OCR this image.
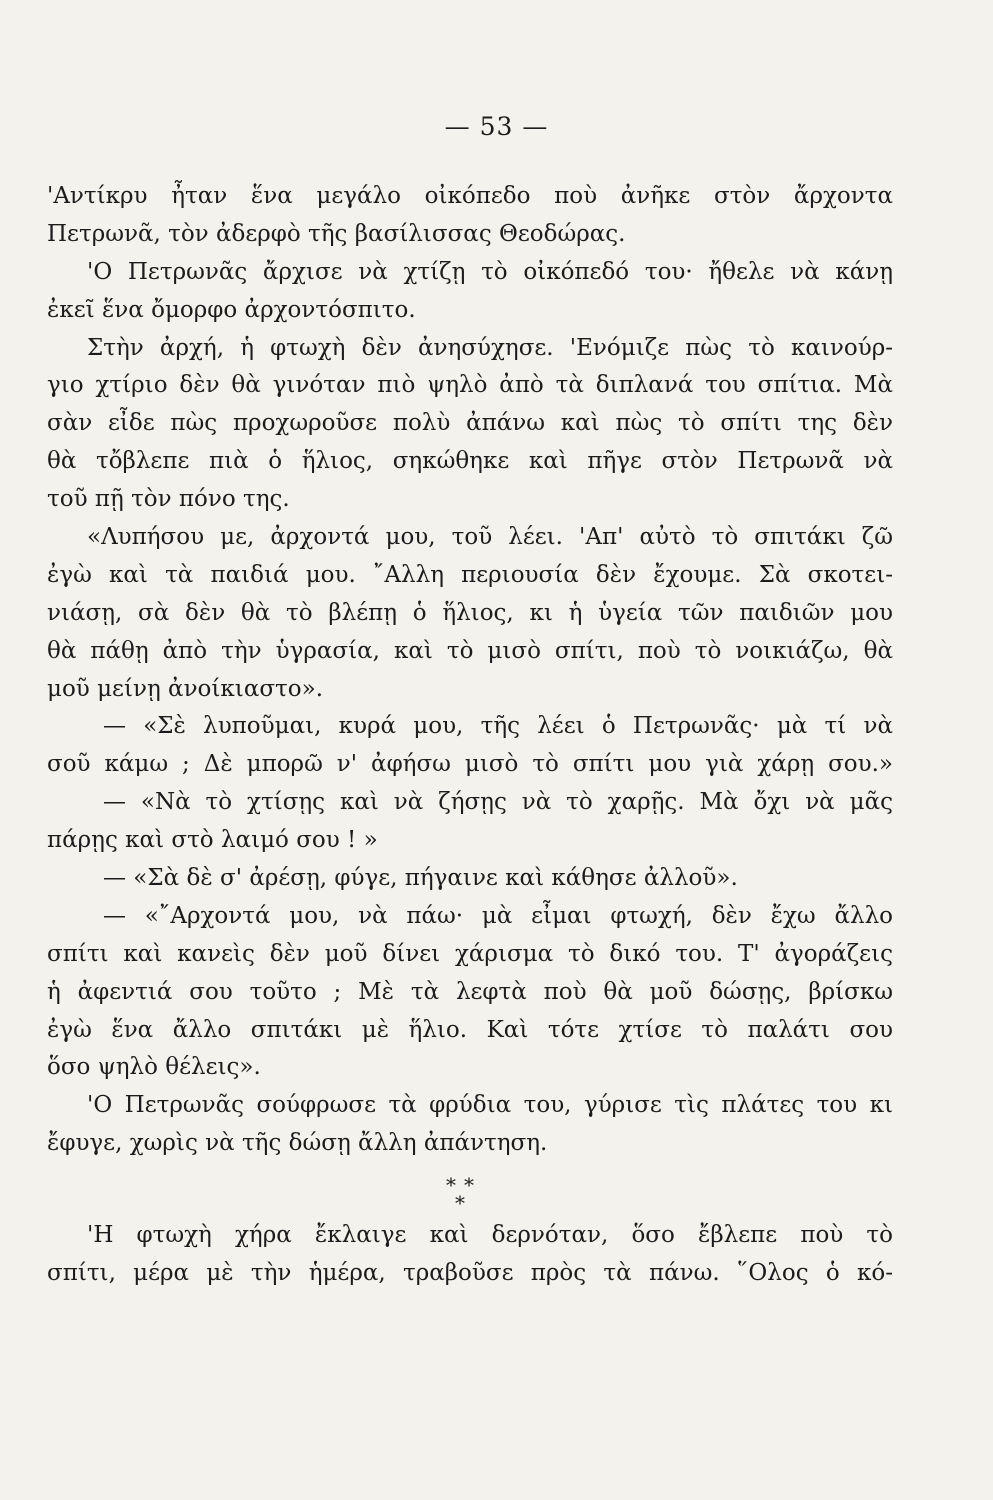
— 53 —
'Αντίκρυ ἦταν ἕνα μεγάλο οἰκόπεδο ποὺ ἀνῆκε στὸν ἄρχοντα
Πετρωνᾶ, τὸν ἀδερφὸ τῆς βασίλισσας Θεοδώρας.
'Ο Πετρωνᾶς ἄρχισε νὰ χτίζῃ τὸ οἰκόπεδό του· ἤθελε νὰ κάνῃ
ἐκεῖ ἕνα ὄμορφο ἀρχοντόσπιτο.
Στὴν ἀρχή, ἡ φτωχὴ δὲν ἀνησύχησε. 'Ενόμιζε πὼς τὸ καινούρ-
γιο χτίριο δὲν θὰ γινόταν πιὸ ψηλὸ ἀπὸ τὰ διπλανά του σπίτια. Μὰ
σὰν εἶδε πὼς προχωροῦσε πολὺ ἀπάνω καὶ πὼς τὸ σπίτι της δὲν
θὰ τὄβλεπε πιὰ ὁ ἥλιος, σηκώθηκε καὶ πῆγε στὸν Πετρωνᾶ νὰ
τοῦ πῇ τὸν πόνο της.
«Λυπήσου με, ἀρχοντά μου, τοῦ λέει. 'Απ' αὐτὸ τὸ σπιτάκι ζῶ
ἐγὼ καὶ τὰ παιδιά μου. ῎Αλλη περιουσία δὲν ἔχουμε. Σὰ σκοτει-
νιάσῃ, σὰ δὲν θὰ τὸ βλέπῃ ὁ ἥλιος, κι ἡ ὑγεία τῶν παιδιῶν μου
θὰ πάθῃ ἀπὸ τὴν ὑγρασία, καὶ τὸ μισὸ σπίτι, ποὺ τὸ νοικιάζω, θὰ
μοῦ μείνῃ ἀνοίκιαστο».
— «Σὲ λυποῦμαι, κυρά μου, τῆς λέει ὁ Πετρωνᾶς· μὰ τί νὰ
σοῦ κάμω ; Δὲ μπορῶ ν' ἀφήσω μισὸ τὸ σπίτι μου γιὰ χάρῃ σου.»
— «Νὰ τὸ χτίσῃς καὶ νὰ ζήσῃς νὰ τὸ χαρῇς. Μὰ ὄχι νὰ μᾶς
πάρῃς καὶ στὸ λαιμό σου ! »
— «Σὰ δὲ σ' ἀρέσῃ, φύγε, πήγαινε καὶ κάθησε ἀλλοῦ».
— «῎Αρχοντά μου, νὰ πάω· μὰ εἶμαι φτωχή, δὲν ἔχω ἄλλο
σπίτι καὶ κανεὶς δὲν μοῦ δίνει χάρισμα τὸ δικό του. Τ' ἀγοράζεις
ἡ ἀφεντιά σου τοῦτο ; Μὲ τὰ λεφτὰ ποὺ θὰ μοῦ δώσῃς, βρίσκω
ἐγὼ ἕνα ἄλλο σπιτάκι μὲ ἥλιο. Καὶ τότε χτίσε τὸ παλάτι σου
ὅσο ψηλὸ θέλεις».
'Ο Πετρωνᾶς σούφρωσε τὰ φρύδια του, γύρισε τὶς πλάτες του κι
ἔφυγε, χωρὶς νὰ τῆς δώσῃ ἄλλη ἀπάντηση.
* *
*
'Η φτωχὴ χήρα ἔκλαιγε καὶ δερνόταν, ὅσο ἔβλεπε ποὺ τὸ
σπίτι, μέρα μὲ τὴν ἡμέρα, τραβοῦσε πρὸς τὰ πάνω. ῞Ολος ὁ κό-
